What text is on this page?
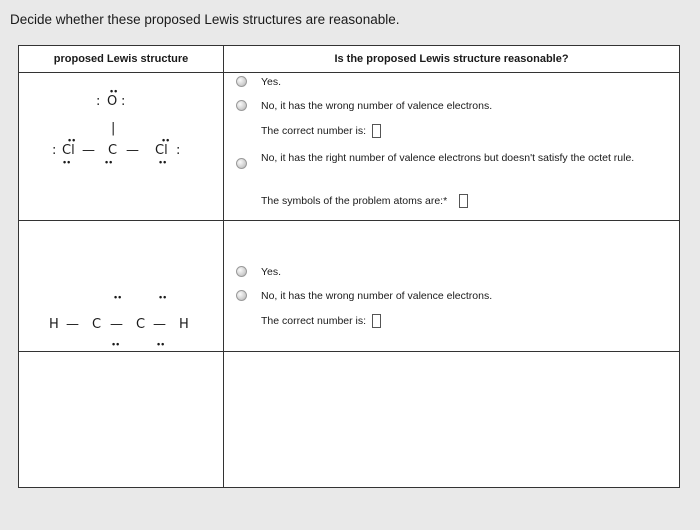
Decide whether these proposed Lewis structures are reasonable.
proposed Lewis structure	Is the proposed Lewis structure reasonable?
••
: O :
|
••	••
: Cl — C — Cl :
••	••	••
Yes.
No, it has the wrong number of valence electrons.
The correct number is:
No, it has the right number of valence electrons but doesn't satisfy the octet rule.
The symbols of the problem atoms are:*
••	••
H — C — C — H
••	••
Yes.
No, it has the wrong number of valence electrons.
The correct number is:
